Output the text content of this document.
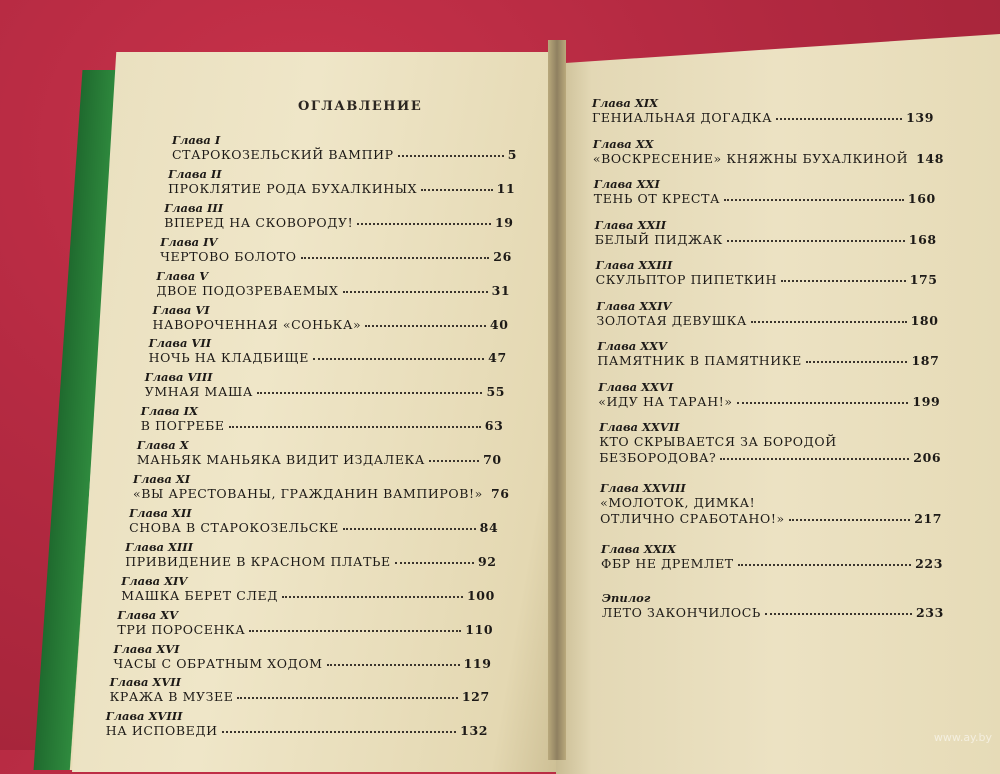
ОГЛАВЛЕНИЕ
www.ay.by
Глава I
СТАРОКОЗЕЛЬСКИЙ ВАМПИР	5
Глава II
ПРОКЛЯТИЕ РОДА БУХАЛКИНЫХ	11
Глава III
ВПЕРЕД НА СКОВОРОДУ!	19
Глава IV
ЧЕРТОВО БОЛОТО	26
Глава V
ДВОЕ ПОДОЗРЕВАЕМЫХ	31
Глава VI
НАВОРОЧЕННАЯ «СОНЬКА»	40
Глава VII
НОЧЬ НА КЛАДБИЩЕ	47
Глава VIII
УМНАЯ МАША	55
Глава IX
В ПОГРЕБЕ	63
Глава X
МАНЬЯК МАНЬЯКА ВИДИТ ИЗДАЛЕКА	70
Глава XI
«ВЫ АРЕСТОВАНЫ, ГРАЖДАНИН ВАМПИРОВ!» 76
Глава XII
СНОВА В СТАРОКОЗЕЛЬСКЕ	84
Глава XIII
ПРИВИДЕНИЕ В КРАСНОМ ПЛАТЬЕ	92
Глава XIV
МАШКА БЕРЕТ СЛЕД	100
Глава XV
ТРИ ПОРОСЕНКА	110
Глава XVI
ЧАСЫ С ОБРАТНЫМ ХОДОМ	119
Глава XVII
КРАЖА В МУЗЕЕ	127
Глава XVIII
НА ИСПОВЕДИ	132
Глава XIX
ГЕНИАЛЬНАЯ ДОГАДКА	139
Глава XX
«ВОСКРЕСЕНИЕ» КНЯЖНЫ БУХАЛКИНОЙ 148
Глава XXI
ТЕНЬ ОТ КРЕСТА	160
Глава XXII
БЕЛЫЙ ПИДЖАК	168
Глава XXIII
СКУЛЬПТОР ПИПЕТКИН	175
Глава XXIV
ЗОЛОТАЯ ДЕВУШКА	180
Глава XXV
ПАМЯТНИК В ПАМЯТНИКЕ	187
Глава XXVI
«ИДУ НА ТАРАН!»	199
Глава XXVII
КТО СКРЫВАЕТСЯ ЗА БОРОДОЙ
БЕЗБОРОДОВА?	206
Глава XXVIII
«МОЛОТОК, ДИМКА!
ОТЛИЧНО СРАБОТАНО!»	217
Глава XXIX
ФБР НЕ ДРЕМЛЕТ	223
Эпилог
ЛЕТО ЗАКОНЧИЛОСЬ	233
